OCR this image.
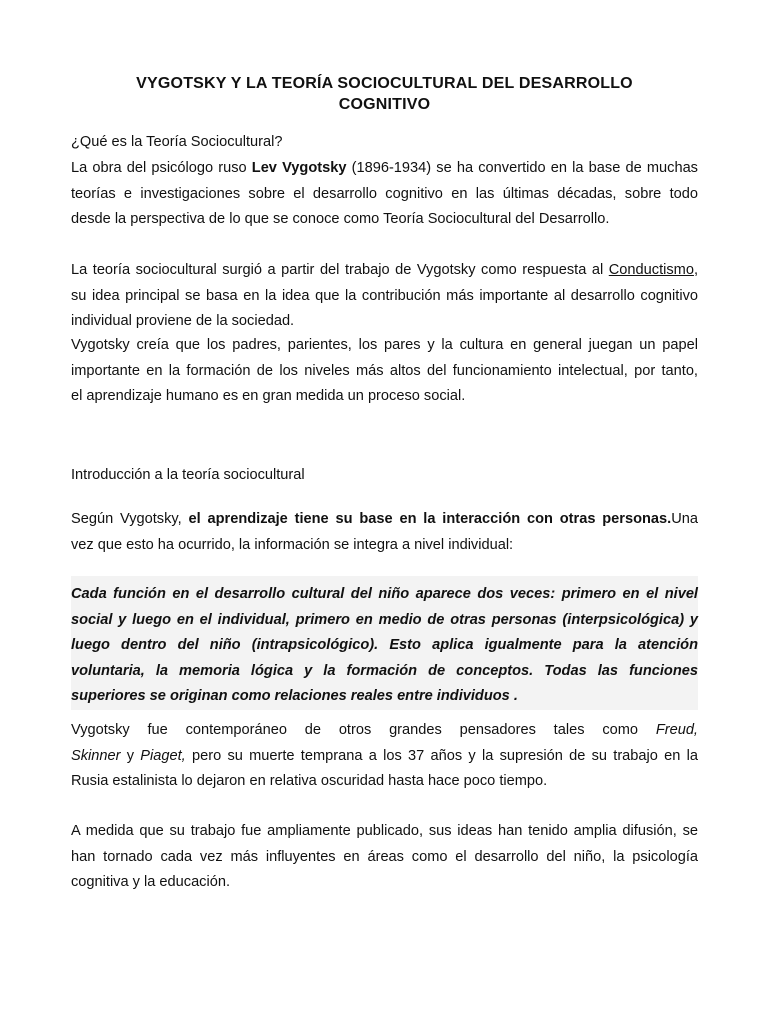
VYGOTSKY Y LA TEORÍA SOCIOCULTURAL DEL DESARROLLO
COGNITIVO
¿Qué es la Teoría Sociocultural?
La obra del psicólogo ruso Lev Vygotsky (1896-1934) se ha convertido en la base de muchas
teorías e investigaciones sobre el desarrollo cognitivo en las últimas décadas, sobre todo
desde la perspectiva de lo que se conoce como Teoría Sociocultural del Desarrollo.
La teoría sociocultural surgió a partir del trabajo de Vygotsky como respuesta al Conductismo,
su idea principal se basa en la idea que la contribución más importante al desarrollo cognitivo
individual proviene de la sociedad.
Vygotsky creía que los padres, parientes, los pares y la cultura en general juegan un papel
importante en la formación de los niveles más altos del funcionamiento intelectual, por tanto,
el aprendizaje humano es en gran medida un proceso social.
Introducción a la teoría sociocultural
Según Vygotsky, el aprendizaje tiene su base en la interacción con otras personas.Una
vez que esto ha ocurrido, la información se integra a nivel individual:
Cada función en el desarrollo cultural del niño aparece dos veces: primero en el nivel
social y luego en el individual, primero en medio de otras personas (interpsicológica) y
luego dentro del niño (intrapsicológico). Esto aplica igualmente para la atención
voluntaria, la memoria lógica y la formación de conceptos. Todas las funciones
superiores se originan como relaciones reales entre individuos .
Vygotsky fue contemporáneo de otros grandes pensadores tales como Freud,
Skinner y Piaget, pero su muerte temprana a los 37 años y la supresión de su trabajo en la
Rusia estalinista lo dejaron en relativa oscuridad hasta hace poco tiempo.
A medida que su trabajo fue ampliamente publicado, sus ideas han tenido amplia difusión, se
han tornado cada vez más influyentes en áreas como el desarrollo del niño, la psicología
cognitiva y la educación.
